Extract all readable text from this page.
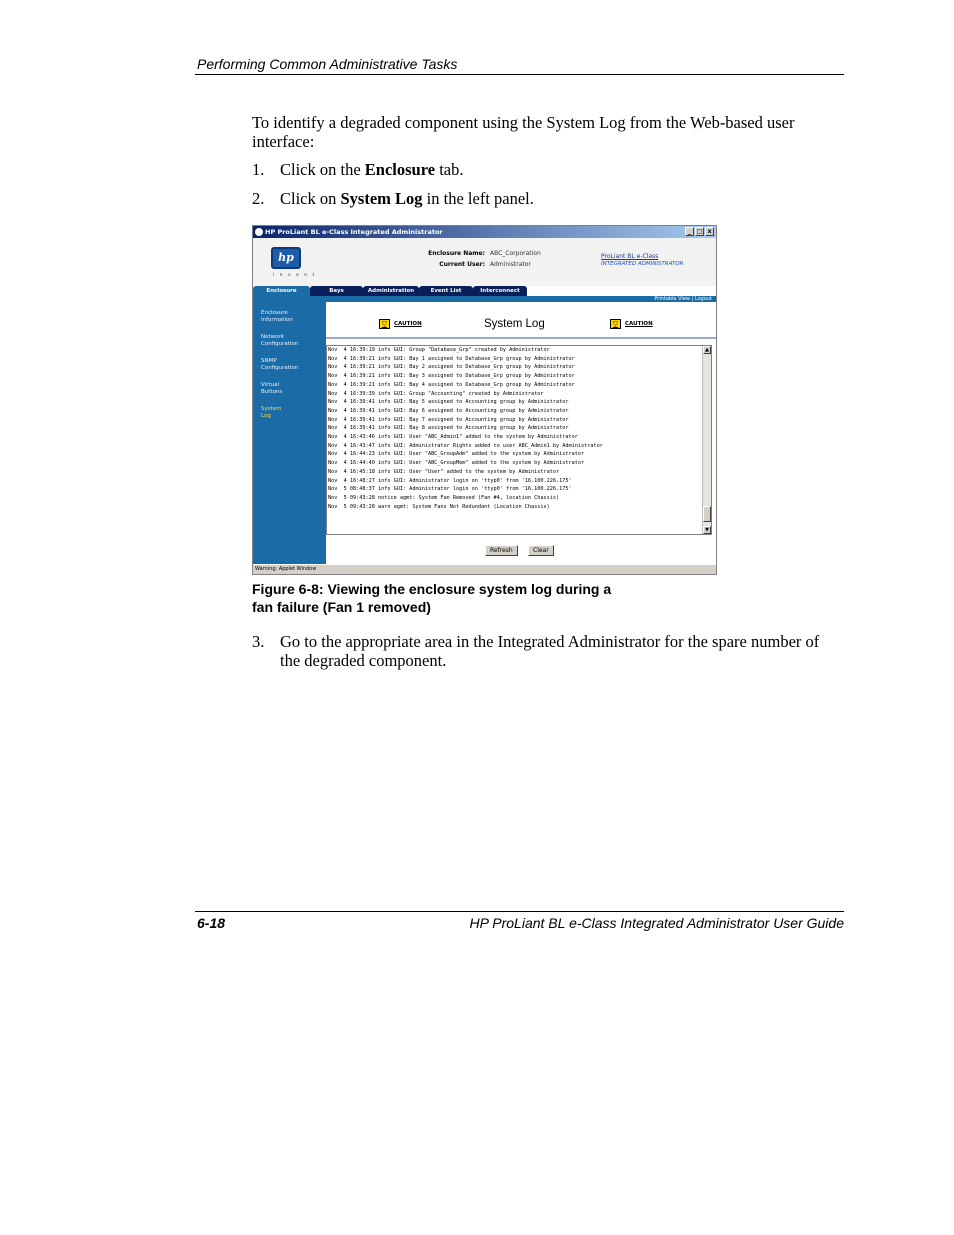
Performing Common Administrative Tasks
To identify a degraded component using the System Log from the Web-based user interface:
1. Click on the Enclosure tab.
2. Click on System Log in the left panel.
HP ProLiant BL e-Class Integrated Administrator	_ □ x
hp
i n v e n t
Enclosure Name: ABC_Corporation
Current User: Administrator
ProLiant BL e-Class
INTEGRATED ADMINISTRATOR
Enclosure	Bays	Administration	Event List	Interconnect
Printable View | Logout
Enclosure Information
Network Configuration
SNMP Configuration
Virtual Buttons
System Log
▽	CAUTION	System Log	▽	CAUTION
Nov  4 16:39:19 info GUI: Group "Database_Grp" created by Administrator
Nov  4 16:39:21 info GUI: Bay 1 assigned to Database_Grp group by Administrator
Nov  4 16:39:21 info GUI: Bay 2 assigned to Database_Grp group by Administrator
Nov  4 16:39:21 info GUI: Bay 3 assigned to Database_Grp group by Administrator
Nov  4 16:39:21 info GUI: Bay 4 assigned to Database_Grp group by Administrator
Nov  4 16:39:39 info GUI: Group "Accounting" created by Administrator
Nov  4 16:39:41 info GUI: Bay 5 assigned to Accounting group by Administrator
Nov  4 16:39:41 info GUI: Bay 6 assigned to Accounting group by Administrator
Nov  4 16:39:41 info GUI: Bay 7 assigned to Accounting group by Administrator
Nov  4 16:39:41 info GUI: Bay 8 assigned to Accounting group by Administrator
Nov  4 16:43:46 info GUI: User "ABC_Admin1" added to the system by Administrator
Nov  4 16:43:47 info GUI: Administrator Rights added to user ABC_Admin1 by Administrator
Nov  4 16:44:23 info GUI: User "ABC_GroupAdm" added to the system by Administrator
Nov  4 16:44:40 info GUI: User "ABC_GroupMem" added to the system by Administrator
Nov  4 16:45:18 info GUI: User "User" added to the system by Administrator
Nov  4 16:48:27 info GUI: Administrator login on 'ttyp0' from '16.100.226.175'
Nov  5 08:48:37 info GUI: Administrator login on 'ttyp0' from '16.100.226.175'
Nov  5 09:43:28 notice agmt: System Fan Removed (Fan #4, location Chassis)
Nov  5 09:43:28 warn agmt: System Fans Not Redundant (Location Chassis)
▲
▼
Refresh	Clear
Warning: Applet Window
Figure 6-8: Viewing the enclosure system log during a
fan failure (Fan 1 removed)
3. Go to the appropriate area in the Integrated Administrator for the spare number of the degraded component.
6-18	HP ProLiant BL e-Class Integrated Administrator User Guide
